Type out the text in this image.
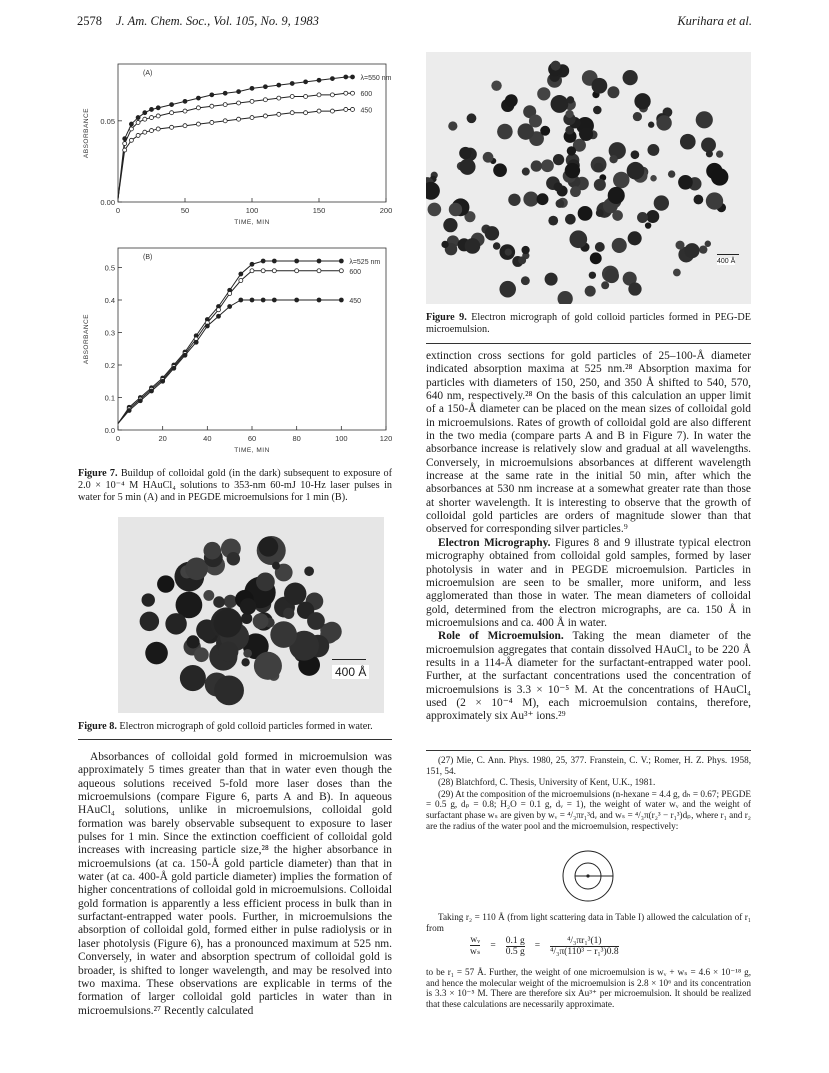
2578 J. Am. Chem. Soc., Vol. 105, No. 9, 1983	Kurihara et al.
(A)
0	50	100	150	200
0.00
0.05
TIME, MIN
ABSORBANCE
λ=550 nm
600
450
(B)
0	20	40	60	80	100	120
0.0
0.1
0.2
0.3
0.4
0.5
TIME, MIN
ABSORBANCE
λ=525 nm
600
450
Figure 7. Buildup of colloidal gold (in the dark) subsequent to exposure of 2.0 × 10⁻⁴ M HAuCl₄ solutions to 353-nm 60-mJ 10-Hz laser pulses in water for 5 min (A) and in PEGDE microemulsions for 1 min (B).
400 Å
Figure 8. Electron micrograph of gold colloid particles formed in water.

Absorbances of colloidal gold formed in microemulsion was approximately 5 times greater than that in water even though the aqueous solutions received 5-fold more laser doses than the microemulsions (compare Figure 6, parts A and B). In aqueous HAuCl₄ solutions, unlike in microemulsions, colloidal gold formation was barely observable subsequent to exposure to laser pulses for 1 min. Since the extinction coefficient of colloidal gold increases with increasing particle size,²⁸ the higher absorbance in microemulsions (at ca. 150-Å gold particle diameter) than that in water (at ca. 400-Å gold particle diameter) implies the formation of higher concentrations of colloidal gold in microemulsions. Colloidal gold formation is apparently a less efficient process in bulk than in surfactant-entrapped water pools. Further, in microemulsions the absorption of colloidal gold, formed either in pulse radiolysis or in laser photolysis (Figure 6), has a pronounced maximum at 525 nm. Conversely, in water and absorption spectrum of colloidal gold is broader, is shifted to longer wavelength, and may be resolved into two maxima. These observations are explicable in terms of the formation of larger colloidal gold particles in water than in microemulsions.²⁷ Recently calculated

400 Å
Figure 9. Electron micrograph of gold colloid particles formed in PEG-DE microemulsion.

extinction cross sections for gold particles of 25–100-Å diameter indicated absorption maxima at 525 nm.²⁸ Absorption maxima for particles with diameters of 150, 250, and 350 Å shifted to 540, 570, 640 nm, respectively.²⁸ On the basis of this calculation an upper limit of a 150-Å diameter can be placed on the mean sizes of colloidal gold in microemulsions. Rates of growth of colloidal gold are also different in the two media (compare parts A and B in Figure 7). In water the absorbance increase is relatively slow and gradual at all wavelengths. Conversely, in microemulsions absorbances at different wavelength increase at the same rate in the initial 50 min, after which the absorbances at 530 nm increase at a somewhat greater rate than those at shorter wavelength. It is interesting to observe that the growth of colloidal gold particles are orders of magnitude slower than that observed for corresponding silver particles.⁹

Electron Micrography. Figures 8 and 9 illustrate typical electron micrography obtained from colloidal gold samples, formed by laser photolysis in water and in PEGDE microemulsion. Particles in microemulsion are seen to be smaller, more uniform, and less agglomerated than those in water. The mean diameters of colloidal gold, determined from the electron micrographs, are ca. 150 Å in microemulsions and ca. 400 Å in water.

Role of Microemulsion. Taking the mean diameter of the microemulsion aggregates that contain dissolved HAuCl₄ to be 220 Å results in a 114-Å diameter for the surfactant-entrapped water pool. Further, at the surfactant concentrations used the concentration of microemulsions is 3.3 × 10⁻⁵ M. At the concentrations of HAuCl₄ used (2 × 10⁻⁴ M), each microemulsion contains, therefore, approximately six Au³⁺ ions.²⁹

(27) Mie, C. Ann. Phys. 1980, 25, 377. Franstein, C. V.; Romer, H. Z. Phys. 1958, 151, 54.

(28) Blatchford, C. Thesis, University of Kent, U.K., 1981.

(29) At the composition of the microemulsions (n-hexane = 4.4 g, dₕ = 0.67; PEGDE = 0.5 g, dₚ = 0.8; H₂O = 0.1 g, dᵥ = 1), the weight of water wᵥ and the weight of surfactant phase wₛ are given by wᵥ = ⁴/₃πr₁³dᵥ and wₛ = ⁴/₃π(r₂³ − r₁³)dₚ, where r₁ and r₂ are the radius of the water pool and the microemulsion, respectively:

Taking r₂ = 110 Å (from light scattering data in Table I) allowed the calculation of r₁ from

$\frac{\text{wᵥ}}{\text{wₛ}} = \frac{0.1 g}{0.5 g} = \frac{\text{⁴/₃πr₁³(1)}}{\text{⁴/₃π(110³ − r₁³)0.8}}$

to be r₁ = 57 Å. Further, the weight of one microemulsion is wᵥ + wₛ = 4.6 × 10⁻¹⁸ g, and hence the molecular weight of the microemulsion is 2.8 × 10⁶ and its concentration is 3.3 × 10⁻⁵ M. There are therefore six Au³⁺ per microemulsion. It should be realized that these calculations are necessarily approximate.
